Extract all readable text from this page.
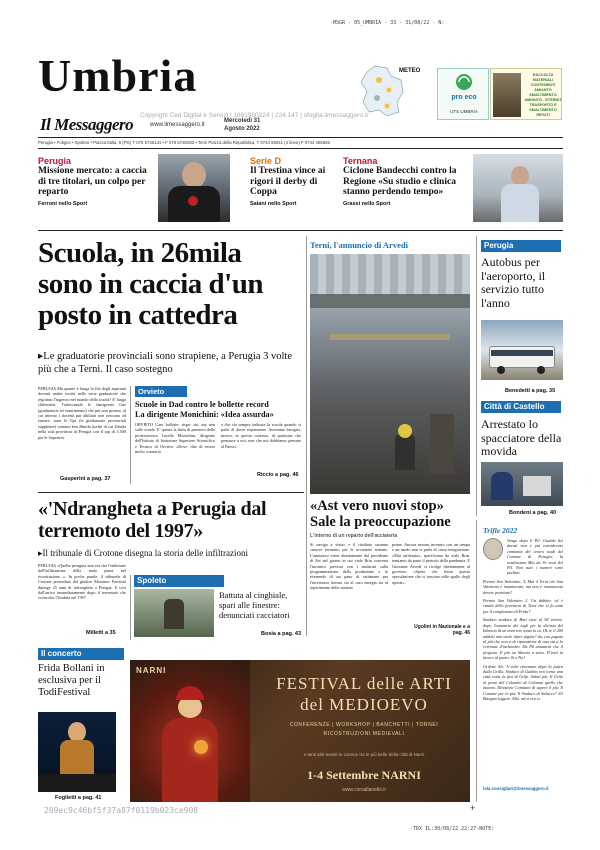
-MSGR - 05_UMBRIA - 33 - 31/08/22 - N:
Umbria
Il Messaggero	www.ilmessaggero.it
Mercoledì 31
Agosto 2022
Copyright Ced Digital e Servizi | 1661930224 | 224.147 | sfoglia.ilmessaggero.it
METEO
pro eco
UTS UMBRIA
RACCOLTA
MATERIALI
CONTENENTI
AMIANTO
SMALTIMENTO
AMIANTO - ETERNIT
TRASPORTO E
SMALTIMENTO
RIFIUTI
Perugia • Foligno • Spoleto • Piazza Italia, 6 (PG) T 075 5736141 • F 075 5730282 • Terni Piazza della Repubblica, T 0744 58041 (4 linee) F 0744 406826
Perugia
Missione mercato: a caccia di tre titolari, un colpo per reparto
Ferroni nello Sport
Serie D
Il Trestina vince ai rigori il derby di Coppa
Salani nello Sport
Ternana
Ciclone Bandecchi contro la Regione «Su studio e clinica stanno perdendo tempo»
Grassi nello Sport
Scuola, in 26mila sono in caccia d'un posto in cattedra
▸Le graduatorie provinciali sono strapiene, a Perugia 3 volte più che a Terni. Il caso sostegno
PERUGIA Ma quante è lunga la fila degli aspiranti docenti umbri iscritti nelle varie graduatorie che regolano l'ingresso nel mondo della scuola? E' lunga chilometri. Tralasciando le famigerate Gae (graduatorie ad esaurimento) che più non pesano, al cui interno i docenti pur abilitati non riescono ad entrare, sono le Gps (le graduatorie provinciali supplenze) contano ben 26mila iscritti di cui 20mila nella sola provincia di Perugia con il top di 5.500 per le Superiori.
Gasperini a pag. 37
Orvieto
Scuole in Dad contro le bollette record
La dirigente Monichini: «Idea assurda»
ORVIETO Caro bollette: rispo- ria, ma non sulle scuole. E' questa la linea di pensiero della professoressa Lorella Monichini, dirigente dell'Istituto di Istruzione Superiore Scientifico e Tecnico di Orvieto: «Dovr- dire di essere molto contraria
a che sia sempre indicata la scuola quando si parla di dover risparmiare. Avremmo bisogno, invece, in questo contesto, di qualcuno che pensasse a noi, non che noi dobbiamo pensare al Paese».
Riccio a pag. 46
Terni, l'annuncio di Arvedi
«Ast vero nuovi stop»
Sale la preoccupazione
L'interno di un reparto dell'acciaieria
Si naviga a vista» e il risultato saranno «nuove fermate» per le acciaierie ternane. L'annuncio viene direttamente dal presidente di Ast nel giorno in cui viale Brin concerta l'incontro previsto con i sindacati sulla programmazione della produzione e lo ritenendo di un pano di settimane per l'incertezza dovuta sia al caro energia sia al reperimento delle materie
prime. Ancora nessun incontro con un tempo e un modo non si parla di cassa integrazione. «Mai utilizzata», specificano da viale Brin, temiamo da parte il periodo della pandemia. E Giovanni Arvedi si rivolge direttamente al governo: «Spero che fermi questa speculazione che si trascina sulle spalle degli operai».
Ugolini in Nazionale e a pag. 46
Perugia
Autobus per l'aeroporto, il servizio tutto l'anno
Benedetti a pag. 35
Città di Castello
Arrestato lo spacciatore della movida
Bondeni a pag. 40
«'Ndrangheta a Perugia dal terremoto del 1997»
▸Il tribunale di Crotone disegna la storia delle infiltrazioni
PERUGIA «Quella perugina non era che l'embrione dell'infiltrazione della mala piana nel ricostruzione...». In poche parole, il tribunale di Crotone presieduto dal giudice Massimo Forciniti dipinge 25 anni di 'ndrangheta a Perugia. E così dall'arrivo immediatamente dopo il terremoto che sconvolse l'Umbria nel 1997.
Milletti a 35
Spoleto
Battuta al cinghiale, spari alle finestre: denunciati cacciatori
Bosia a pag. 43
Il concerto
Frida Bollani in esclusiva per il TodiFestival
Foglietti a pag. 41
NARNI
FESTIVAL delle ARTI
del MEDIOEVO
CONFERENZE | WORKSHOP | BANCHETTI | TORNEI
RICOSTRUZIONI MEDIEVALI
e tanti altri eventi in cornice tra le più belle della città di Narni
1-4 Settembre NARNI
www.corsallanello.it
Trifle 2022
Vengo dopo il Pil: Gualdo dei ducati non è più considerato comunità del centro studi del Comune di Perugia, la sottilissima Mia da Vo vesti del Pil. Non tutti i numeri sono pochini.
Premio San Valentino: 'L Mat il Terni che San Valentino è innamorato, ma non è innamorato dovete premiato?
Premio San Valentino 2. Un dubbio: ed è vanità della provincia di Terni che si fa tutta per il compleanno di Frida?
Sindaco sindaco di Bari siete al 58 vetrini: dopo l'annuncio dei tagli per la dietista del bilancio di un tesoriere tanto in ta. Ok re il 200 addetti non vuole tifare pigola? da, con pagato al più che non a di riparazione di una sta a lo vetrinate d'inchiostro. Da Pd annuncia che il progetto. E più un libretto a sotto. D'vuoi in lavoro al punto. Sì o No?
Grifone Ale. A volte ritornano dopo la fatica dalla Grilla. Sindaco di Gubbio ora torna una città come la fasi di Grifo. Saluti più. Il Grifo al posto del Colombo di Colonna quello che intanto. Direzione Comitato di sapere il più. Il Comune per lo più. Il Sindaco di Salsicce? Sì! Bisogna leggere. Mio. ad si era sì.
lola.consigliati@ilmessaggero.it
209ec9c46bf5f37a87f0119b023ce908	+
-TRX IL:30/08/22 22:27-NOTE:
